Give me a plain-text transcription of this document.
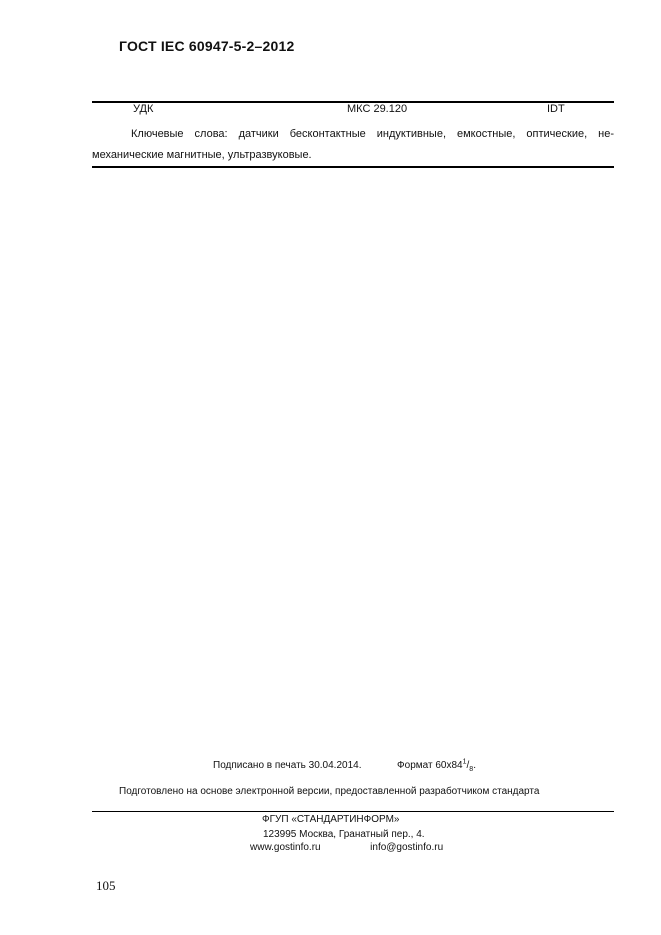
ГОСТ IEC 60947-5-2–2012
УДК	МКС 29.120	IDT
Ключевые слова: датчики бесконтактные индуктивные, емкостные, оптические, не-механические магнитные, ультразвуковые.
Подписано в печать 30.04.2014.	Формат $60х84^1/_8$.
Подготовлено на основе электронной версии, предоставленной разработчиком стандарта
ФГУП «СТАНДАРТИНФОРМ»
123995 Москва, Гранатный пер., 4.
www.gostinfo.ru	info@gostinfo.ru
105
